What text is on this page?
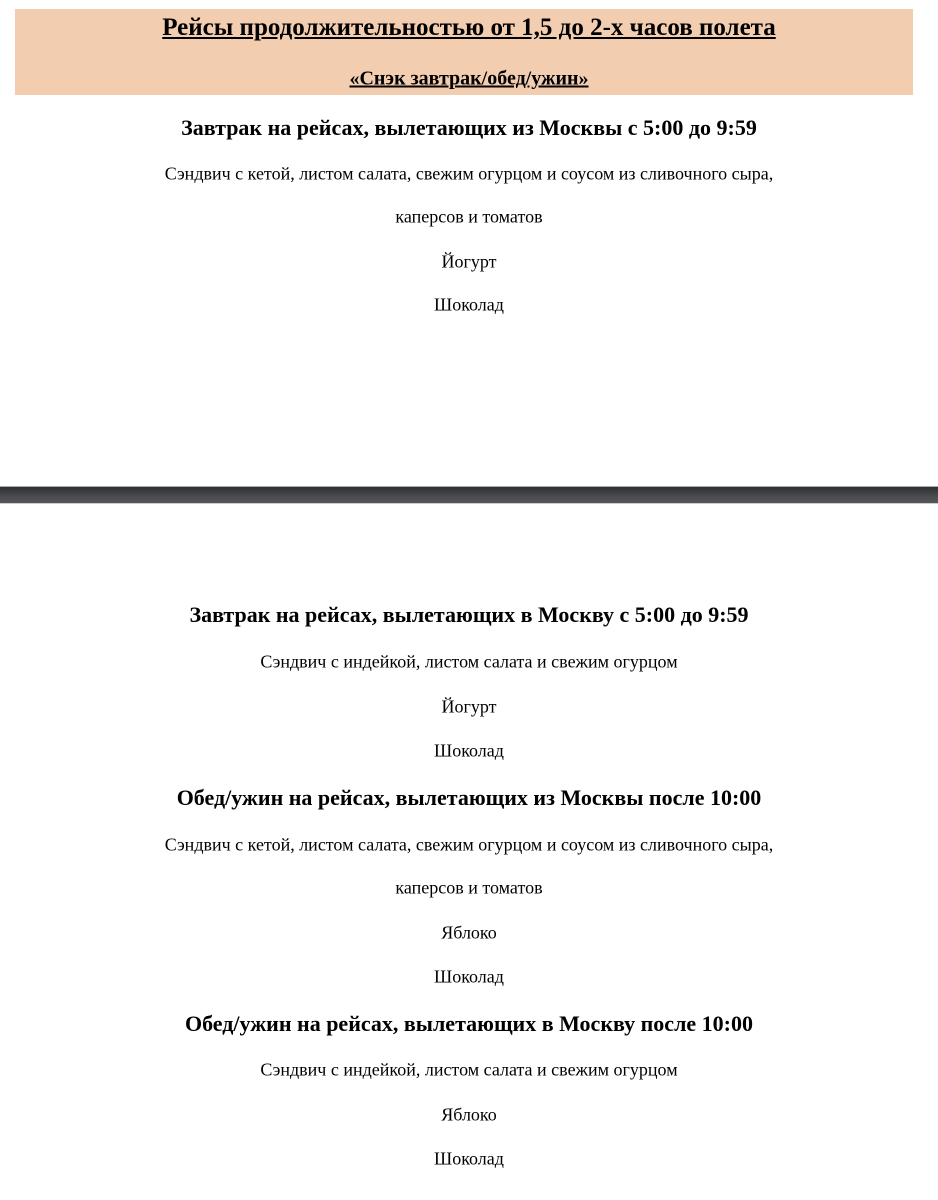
Рейсы продолжительностью от 1,5 до 2-х часов полета
«Снэк завтрак/обед/ужин»
Завтрак на рейсах, вылетающих из Москвы с 5:00 до 9:59
Сэндвич с кетой, листом салата, свежим огурцом и соусом из сливочного сыра,
каперсов и томатов
Йогурт
Шоколад
Завтрак на рейсах, вылетающих в Москву с 5:00 до 9:59
Сэндвич с индейкой, листом салата и свежим огурцом
Йогурт
Шоколад
Обед/ужин на рейсах, вылетающих из Москвы после 10:00
Сэндвич с кетой, листом салата, свежим огурцом и соусом из сливочного сыра,
каперсов и томатов
Яблоко
Шоколад
Обед/ужин на рейсах, вылетающих в Москву после 10:00
Сэндвич с индейкой, листом салата и свежим огурцом
Яблоко
Шоколад
